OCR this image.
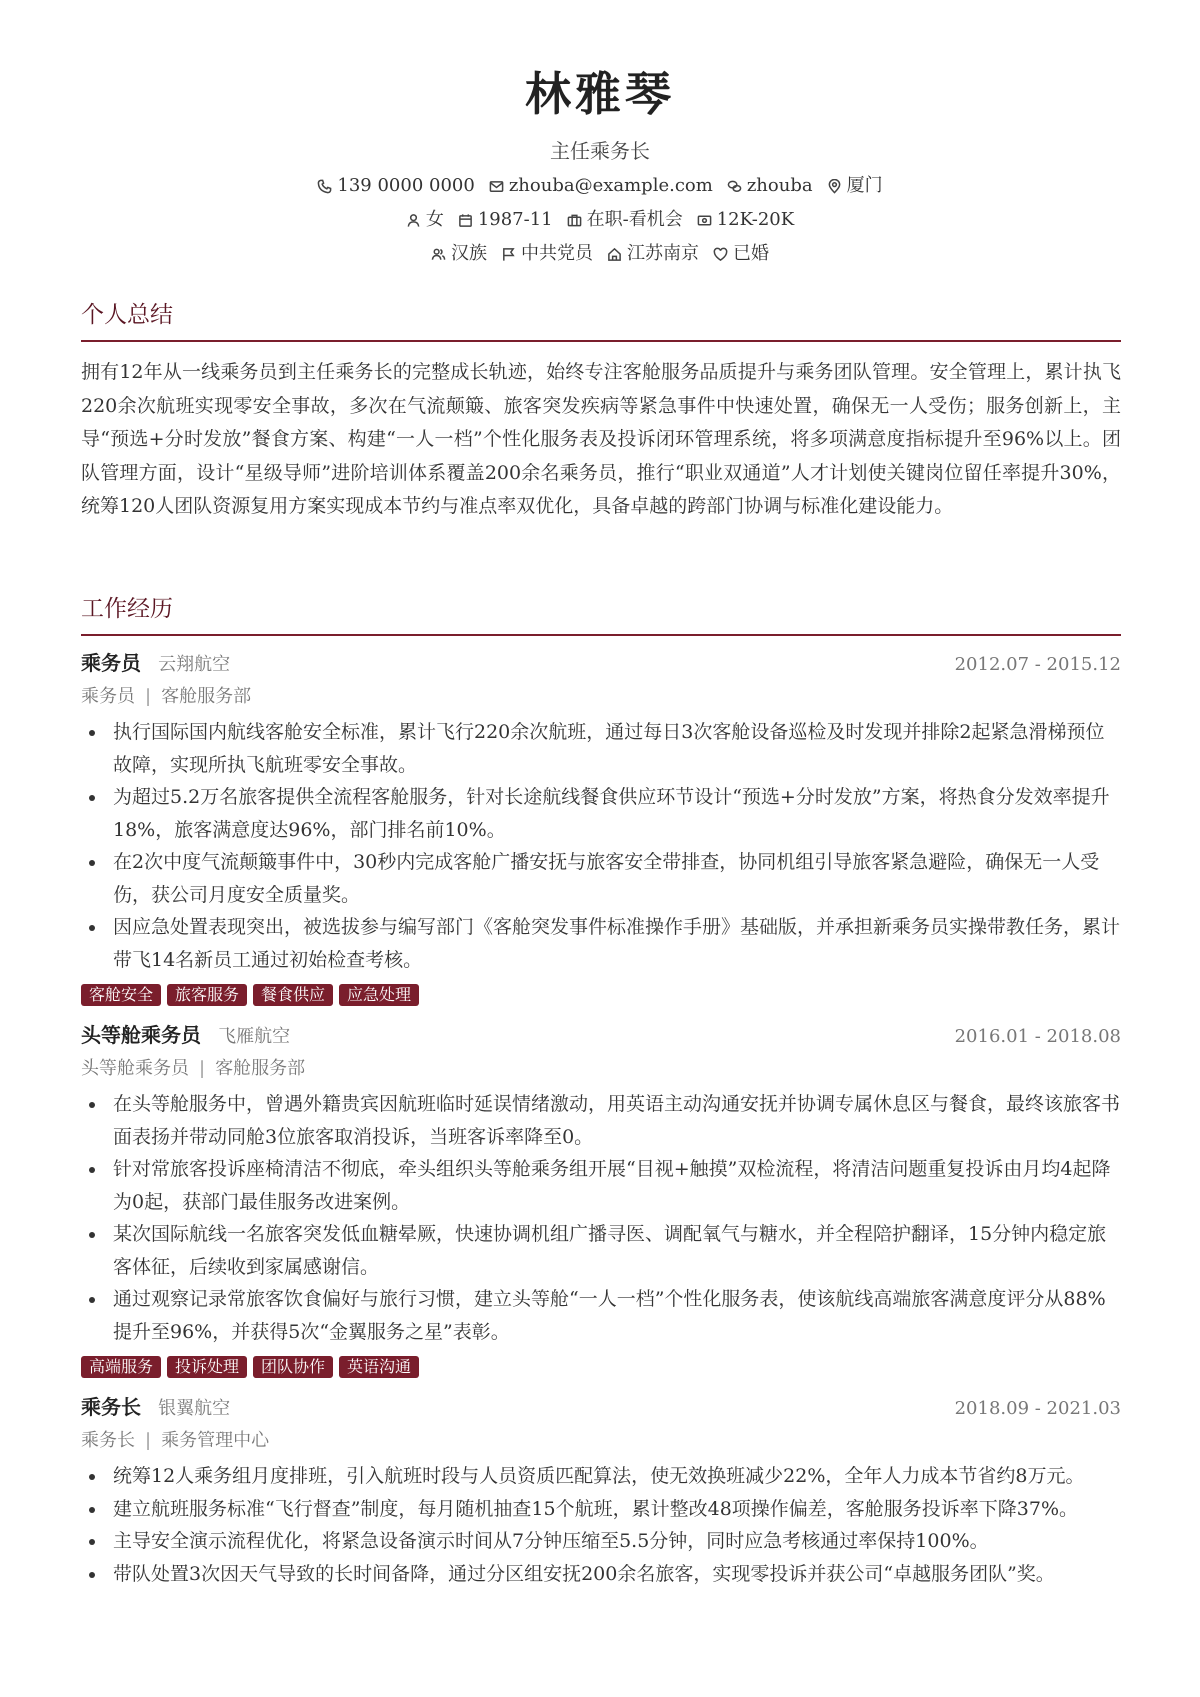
林雅琴
主任乘务长
139 0000 0000 zhouba@example.com zhouba 厦门
女 1987-11 在职-看机会 12K-20K
汉族 中共党员 江苏南京 已婚
个人总结
拥有12年从一线乘务员到主任乘务长的完整成长轨迹，始终专注客舱服务品质提升与乘务团队管理。安全管理上，累计执飞220余次航班实现零安全事故，多次在气流颠簸、旅客突发疾病等紧急事件中快速处置，确保无一人受伤；服务创新上，主导“预选+分时发放”餐食方案、构建“一人一档”个性化服务表及投诉闭环管理系统，将多项满意度指标提升至96%以上。团队管理方面，设计“星级导师”进阶培训体系覆盖200余名乘务员，推行“职业双通道”人才计划使关键岗位留任率提升30%，统筹120人团队资源复用方案实现成本节约与准点率双优化，具备卓越的跨部门协调与标准化建设能力。
工作经历
乘务员 云翔航空	2012.07 - 2015.12
乘务员 | 客舱服务部
执行国际国内航线客舱安全标准，累计飞行220余次航班，通过每日3次客舱设备巡检及时发现并排除2起紧急滑梯预位故障，实现所执飞航班零安全事故。
为超过5.2万名旅客提供全流程客舱服务，针对长途航线餐食供应环节设计“预选+分时发放”方案，将热食分发效率提升18%，旅客满意度达96%，部门排名前10%。
在2次中度气流颠簸事件中，30秒内完成客舱广播安抚与旅客安全带排查，协同机组引导旅客紧急避险，确保无一人受伤，获公司月度安全质量奖。
因应急处置表现突出，被选拔参与编写部门《客舱突发事件标准操作手册》基础版，并承担新乘务员实操带教任务，累计带飞14名新员工通过初始检查考核。
客舱安全	旅客服务	餐食供应	应急处理
头等舱乘务员 飞雁航空	2016.01 - 2018.08
头等舱乘务员 | 客舱服务部
在头等舱服务中，曾遇外籍贵宾因航班临时延误情绪激动，用英语主动沟通安抚并协调专属休息区与餐食，最终该旅客书面表扬并带动同舱3位旅客取消投诉，当班客诉率降至0。
针对常旅客投诉座椅清洁不彻底，牵头组织头等舱乘务组开展“目视+触摸”双检流程，将清洁问题重复投诉由月均4起降为0起，获部门最佳服务改进案例。
某次国际航线一名旅客突发低血糖晕厥，快速协调机组广播寻医、调配氧气与糖水，并全程陪护翻译，15分钟内稳定旅客体征，后续收到家属感谢信。
通过观察记录常旅客饮食偏好与旅行习惯，建立头等舱“一人一档”个性化服务表，使该航线高端旅客满意度评分从88%提升至96%，并获得5次“金翼服务之星”表彰。
高端服务	投诉处理	团队协作	英语沟通
乘务长 银翼航空	2018.09 - 2021.03
乘务长 | 乘务管理中心
统筹12人乘务组月度排班，引入航班时段与人员资质匹配算法，使无效换班减少22%，全年人力成本节省约8万元。
建立航班服务标准“飞行督查”制度，每月随机抽查15个航班，累计整改48项操作偏差，客舱服务投诉率下降37%。
主导安全演示流程优化，将紧急设备演示时间从7分钟压缩至5.5分钟，同时应急考核通过率保持100%。
带队处置3次因天气导致的长时间备降，通过分区组安抚200余名旅客，实现零投诉并获公司“卓越服务团队”奖。
